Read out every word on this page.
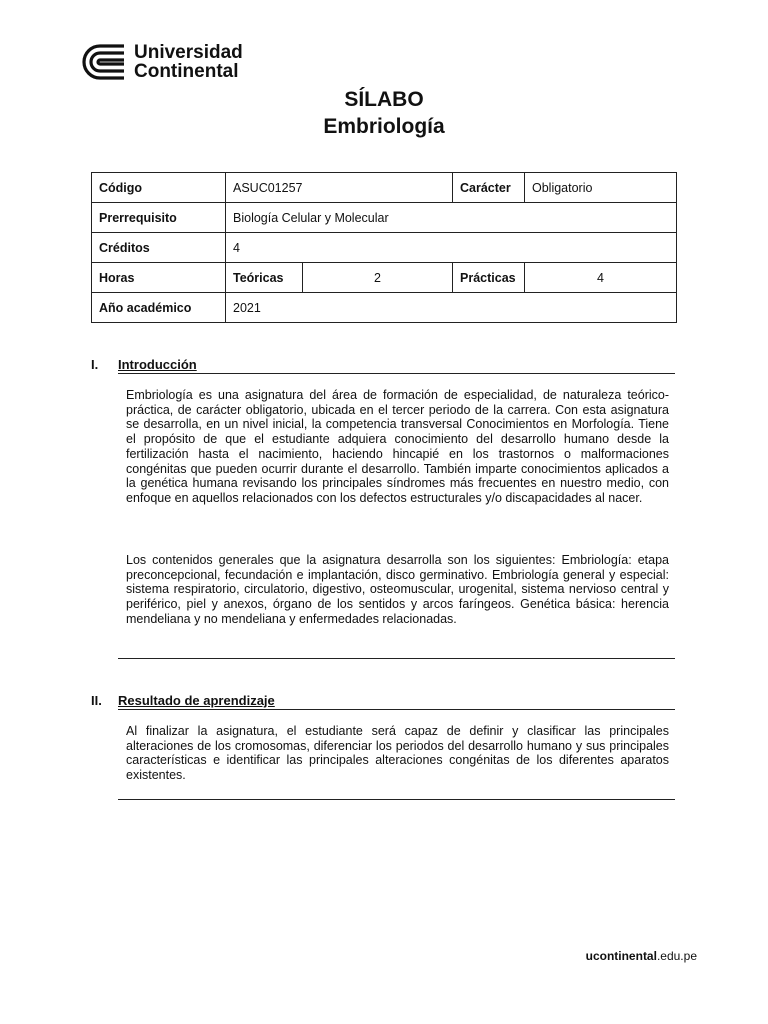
Universidad
Continental
SÍLABO
Embriología
Código	ASUC01257		Carácter	Obligatorio
Prerrequisito	Biología Celular y Molecular			
Créditos	4			
Horas	Teóricas	2	Prácticas	4
Año académico	2021			
I. Introducción
Embriología es una asignatura del área de formación de especialidad, de naturaleza teórico-práctica, de carácter obligatorio, ubicada en el tercer periodo de la carrera. Con esta asignatura se desarrolla, en un nivel inicial, la competencia transversal Conocimientos en Morfología. Tiene el propósito de que el estudiante adquiera conocimiento del desarrollo humano desde la fertilización hasta el nacimiento, haciendo hincapié en los trastornos o malformaciones congénitas que pueden ocurrir durante el desarrollo. También imparte conocimientos aplicados a la genética humana revisando los principales síndromes más frecuentes en nuestro medio, con enfoque en aquellos relacionados con los defectos estructurales y/o discapacidades al nacer.
Los contenidos generales que la asignatura desarrolla son los siguientes: Embriología: etapa preconcepcional, fecundación e implantación, disco germinativo. Embriología general y especial: sistema respiratorio, circulatorio, digestivo, osteomuscular, urogenital, sistema nervioso central y periférico, piel y anexos, órgano de los sentidos y arcos faríngeos. Genética básica: herencia mendeliana y no mendeliana y enfermedades relacionadas.
II. Resultado de aprendizaje
Al finalizar la asignatura, el estudiante será capaz de definir y clasificar las principales alteraciones de los cromosomas, diferenciar los periodos del desarrollo humano y sus principales características e identificar las principales alteraciones congénitas de los diferentes aparatos existentes.
ucontinental.edu.pe
